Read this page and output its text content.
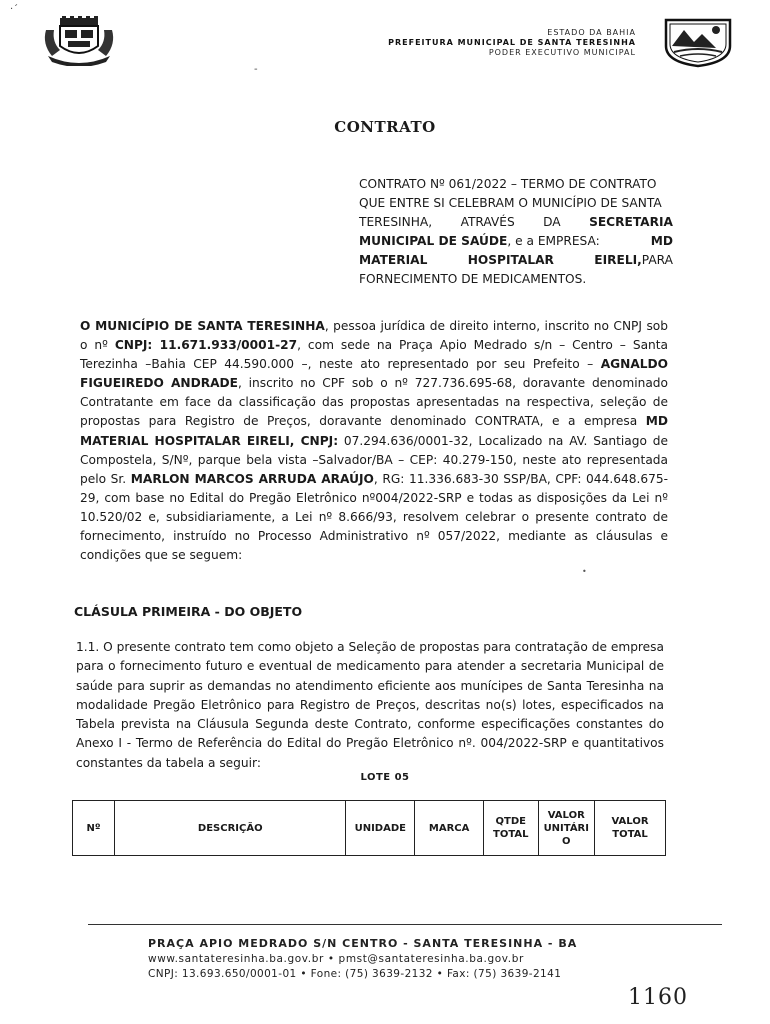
·ˊ
ESTADO DA BAHIA
PREFEITURA MUNICIPAL DE SANTA TERESINHA
PODER EXECUTIVO MUNICIPAL
-
CONTRATO
CONTRATO Nº 061/2022 – TERMO DE CONTRATO
QUE ENTRE SI CELEBRAM O MUNICÍPIO DE SANTA
TERESINHA, ATRAVÉS DA SECRETARIA
MUNICIPAL DE SAÚDE, e a EMPRESA:	MD
MATERIAL	HOSPITALAR	EIRELI,PARA
FORNECIMENTO DE MEDICAMENTOS.
O MUNICÍPIO DE SANTA TERESINHA, pessoa jurídica de direito interno, inscrito no CNPJ sob o nº CNPJ: 11.671.933/0001-27, com sede na Praça Apio Medrado s/n – Centro – Santa Terezinha –Bahia CEP 44.590.000 –, neste ato representado por seu Prefeito – AGNALDO FIGUEIREDO ANDRADE, inscrito no CPF sob o nº 727.736.695-68, doravante denominado Contratante em face da classificação das propostas apresentadas na respectiva, seleção de propostas para Registro de Preços, doravante denominado CONTRATA, e a empresa MD MATERIAL HOSPITALAR EIRELI, CNPJ: 07.294.636/0001-32, Localizado na AV. Santiago de Compostela, S/Nº, parque bela vista –Salvador/BA – CEP: 40.279-150, neste ato representada pelo Sr. MARLON MARCOS ARRUDA ARAÚJO, RG: 11.336.683-30 SSP/BA, CPF: 044.648.675-29, com base no Edital do Pregão Eletrônico nº004/2022-SRP e todas as disposições da Lei nº 10.520/02 e, subsidiariamente, a Lei nº 8.666/93, resolvem celebrar o presente contrato de fornecimento, instruído no Processo Administrativo nº 057/2022, mediante as cláusulas e condições que se seguem:
•
CLÁSULA PRIMEIRA - DO OBJETO
1.1. O presente contrato tem como objeto a Seleção de propostas para contratação de empresa para o fornecimento futuro e eventual de medicamento para atender a secretaria Municipal de saúde para suprir as demandas no atendimento eficiente aos munícipes de Santa Teresinha na modalidade Pregão Eletrônico para Registro de Preços, descritas no(s) lotes, especificados na Tabela prevista na Cláusula Segunda deste Contrato, conforme especificações constantes do Anexo I - Termo de Referência do Edital do Pregão Eletrônico nº. 004/2022-SRP e quantitativos constantes da tabela a seguir:
LOTE 05
Nº	DESCRIÇÃO	UNIDADE	MARCA	QTDE TOTAL	VALOR UNITÁRI O	VALOR TOTAL
PRAÇA APIO MEDRADO S/N CENTRO - SANTA TERESINHA - BA
www.santateresinha.ba.gov.br • pmst@santateresinha.ba.gov.br
CNPJ: 13.693.650/0001-01 • Fone: (75) 3639-2132 • Fax: (75) 3639-2141
1160
